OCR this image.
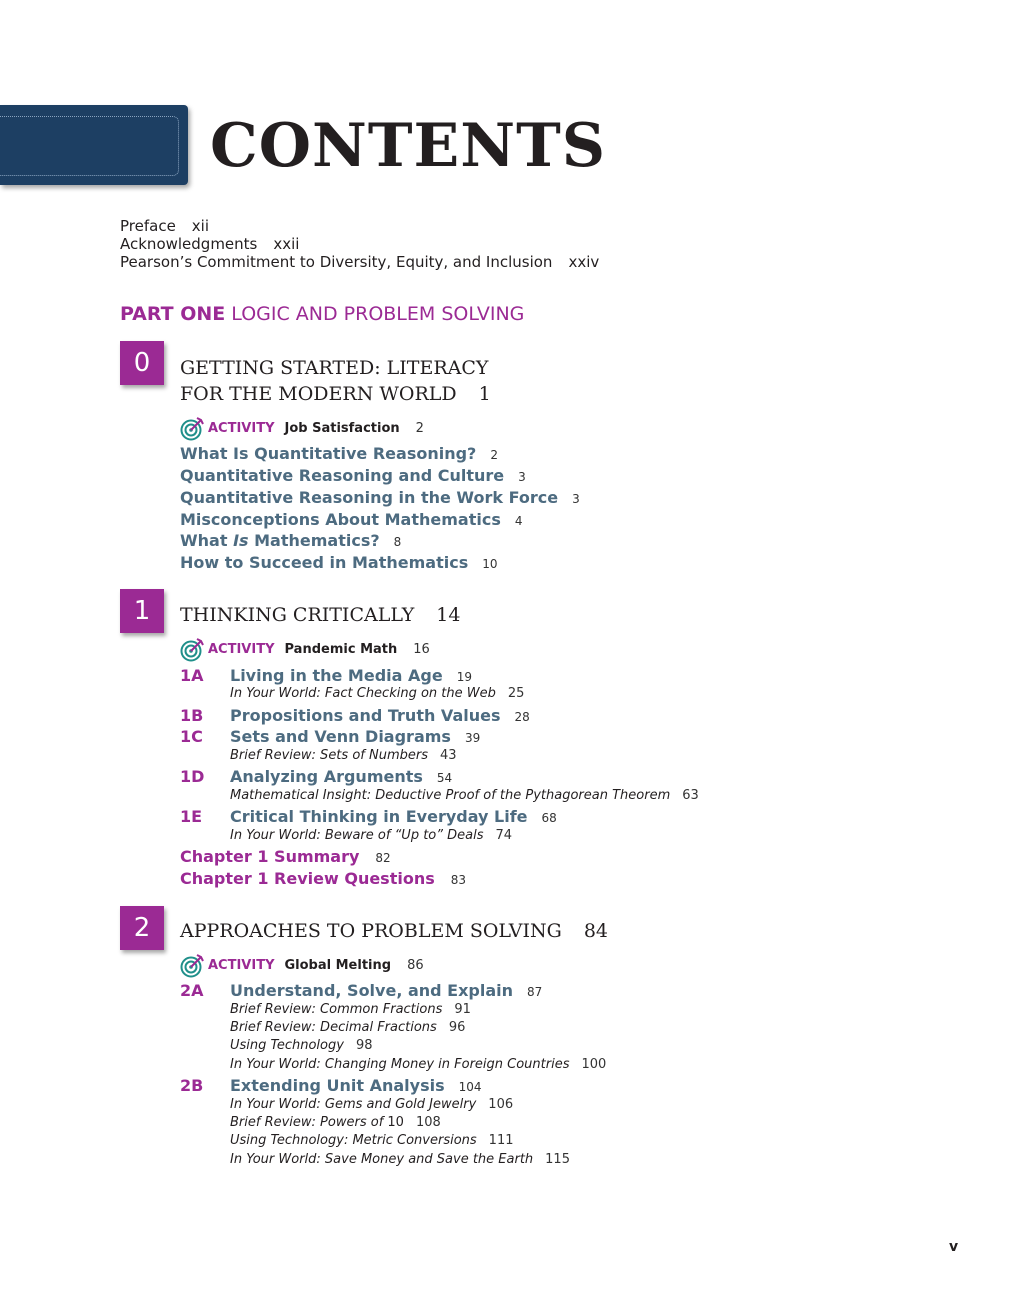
CONTENTS
Preface xii
Acknowledgments xxii
Pearson’s Commitment to Diversity, Equity, and Inclusion xxiv
PART ONE LOGIC AND PROBLEM SOLVING
0	GETTING STARTED: LITERACY
FOR THE MODERN WORLD 1
ACTIVITY Job Satisfaction 2
What Is Quantitative Reasoning? 2
Quantitative Reasoning and Culture 3
Quantitative Reasoning in the Work Force 3
Misconceptions About Mathematics 4
What Is Mathematics? 8
How to Succeed in Mathematics 10
1	THINKING CRITICALLY 14
ACTIVITY Pandemic Math 16
1A Living in the Media Age 19
In Your World: Fact Checking on the Web 25
1B Propositions and Truth Values 28
1C Sets and Venn Diagrams 39
Brief Review: Sets of Numbers 43
1D Analyzing Arguments 54
Mathematical Insight: Deductive Proof of the Pythagorean Theorem 63
1E Critical Thinking in Everyday Life 68
In Your World: Beware of “Up to” Deals 74
Chapter 1 Summary 82
Chapter 1 Review Questions 83
2	APPROACHES TO PROBLEM SOLVING 84
ACTIVITY Global Melting 86
2A Understand, Solve, and Explain 87
Brief Review: Common Fractions 91
Brief Review: Decimal Fractions 96
Using Technology 98
In Your World: Changing Money in Foreign Countries 100
2B Extending Unit Analysis 104
In Your World: Gems and Gold Jewelry 106
Brief Review: Powers of 10 108
Using Technology: Metric Conversions 111
In Your World: Save Money and Save the Earth 115
v
